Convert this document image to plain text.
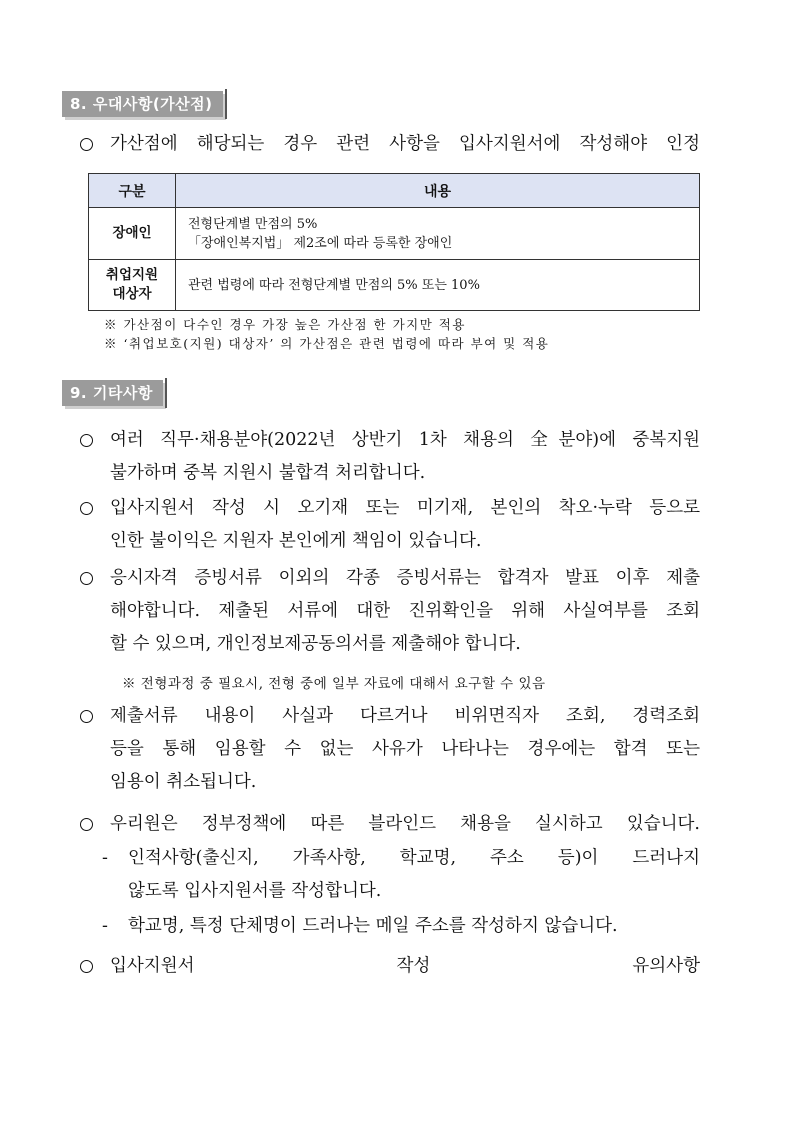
8. 우대사항(가산점)
가산점에 해당되는 경우 관련 사항을 입사지원서에 작성해야 인정
구분	내용
장애인	전형단계별 만점의 5%
「장애인복지법」 제2조에 따라 등록한 장애인

취업지원
대상자	관련 법령에 따라 전형단계별 만점의 5% 또는 10%
※ 가산점이 다수인 경우 가장 높은 가산점 한 가지만 적용
※ ‘취업보호(지원) 대상자’ 의 가산점은 관련 법령에 따라 부여 및 적용
9. 기타사항
여러 직무·채용분야(2022년 상반기 1차 채용의 全분야)에 중복지원
불가하며 중복 지원시 불합격 처리합니다.
입사지원서 작성 시 오기재 또는 미기재, 본인의 착오·누락 등으로
인한 불이익은 지원자 본인에게 책임이 있습니다.
응시자격 증빙서류 이외의 각종 증빙서류는 합격자 발표 이후 제출
해야합니다. 제출된 서류에 대한 진위확인을 위해 사실여부를 조회
할 수 있으며, 개인정보제공동의서를 제출해야 합니다.
※ 전형과정 중 필요시, 전형 중에 일부 자료에 대해서 요구할 수 있음
제출서류 내용이 사실과 다르거나 비위면직자 조회, 경력조회
등을 통해 임용할 수 없는 사유가 나타나는 경우에는 합격 또는
임용이 취소됩니다.
우리원은 정부정책에 따른 블라인드 채용을 실시하고 있습니다.
-	인적사항(출신지, 가족사항, 학교명, 주소 등)이 드러나지
않도록 입사지원서를 작성합니다.
-	학교명, 특정 단체명이 드러나는 메일 주소를 작성하지 않습니다.
입사지원서 작성 유의사항
